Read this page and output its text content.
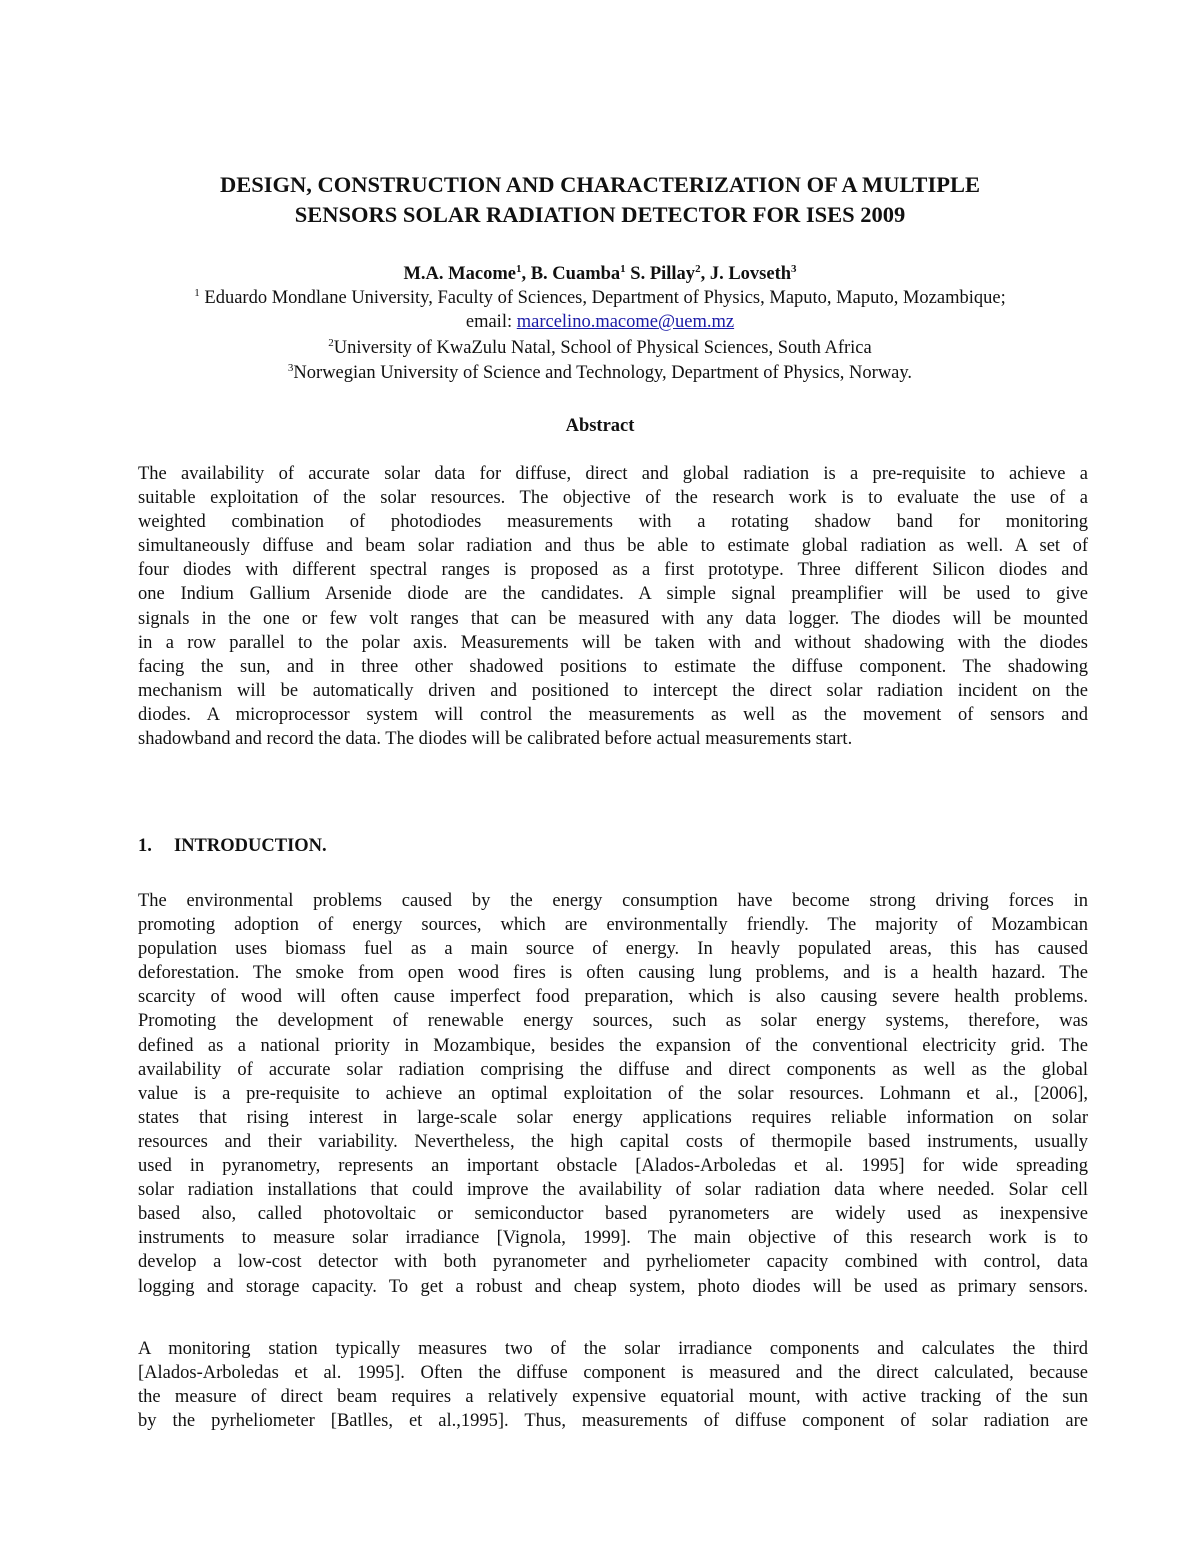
DESIGN, CONSTRUCTION AND CHARACTERIZATION OF A MULTIPLE
SENSORS SOLAR RADIATION DETECTOR FOR ISES 2009
M.A. Macome$^1$, B. Cuamba$^1$ S. Pillay$^2$, J. Lovseth$^3$
$^1$ Eduardo Mondlane University, Faculty of Sciences, Department of Physics, Maputo, Maputo, Mozambique;
email: marcelino.macome@uem.mz
$^2$University of KwaZulu Natal, School of Physical Sciences, South Africa
$^3$Norwegian University of Science and Technology, Department of Physics, Norway.
Abstract
The availability of accurate solar data for diffuse, direct and global radiation is a pre-requisite to achieve a
suitable exploitation of the solar resources. The objective of the research work is to evaluate the use of a
weighted combination of photodiodes measurements with a rotating shadow band for monitoring
simultaneously diffuse and beam solar radiation and thus be able to estimate global radiation as well. A set of
four diodes with different spectral ranges is proposed as a first prototype. Three different Silicon diodes and
one Indium Gallium Arsenide diode are the candidates. A simple signal preamplifier will be used to give
signals in the one or few volt ranges that can be measured with any data logger. The diodes will be mounted
in a row parallel to the polar axis. Measurements will be taken with and without shadowing with the diodes
facing the sun, and in three other shadowed positions to estimate the diffuse component. The shadowing
mechanism will be automatically driven and positioned to intercept the direct solar radiation incident on the
diodes. A microprocessor system will control the measurements as well as the movement of sensors and
shadowband and record the data. The diodes will be calibrated before actual measurements start.
1. INTRODUCTION.
The environmental problems caused by the energy consumption have become strong driving forces in
promoting adoption of energy sources, which are environmentally friendly. The majority of Mozambican
population uses biomass fuel as a main source of energy. In heavly populated areas, this has caused
deforestation. The smoke from open wood fires is often causing lung problems, and is a health hazard. The
scarcity of wood will often cause imperfect food preparation, which is also causing severe health problems.
Promoting the development of renewable energy sources, such as solar energy systems, therefore, was
defined as a national priority in Mozambique, besides the expansion of the conventional electricity grid. The
availability of accurate solar radiation comprising the diffuse and direct components as well as the global
value is a pre-requisite to achieve an optimal exploitation of the solar resources. Lohmann et al., [2006],
states that rising interest in large-scale solar energy applications requires reliable information on solar
resources and their variability. Nevertheless, the high capital costs of thermopile based instruments, usually
used in pyranometry, represents an important obstacle [Alados-Arboledas et al. 1995] for wide spreading
solar radiation installations that could improve the availability of solar radiation data where needed. Solar cell
based also, called photovoltaic or semiconductor based pyranometers are widely used as inexpensive
instruments to measure solar irradiance [Vignola, 1999]. The main objective of this research work is to
develop a low-cost detector with both pyranometer and pyrheliometer capacity combined with control, data
logging and storage capacity. To get a robust and cheap system, photo diodes will be used as primary sensors.
A monitoring station typically measures two of the solar irradiance components and calculates the third
[Alados-Arboledas et al. 1995]. Often the diffuse component is measured and the direct calculated, because
the measure of direct beam requires a relatively expensive equatorial mount, with active tracking of the sun
by the pyrheliometer [Batlles, et al.,1995]. Thus, measurements of diffuse component of solar radiation are
